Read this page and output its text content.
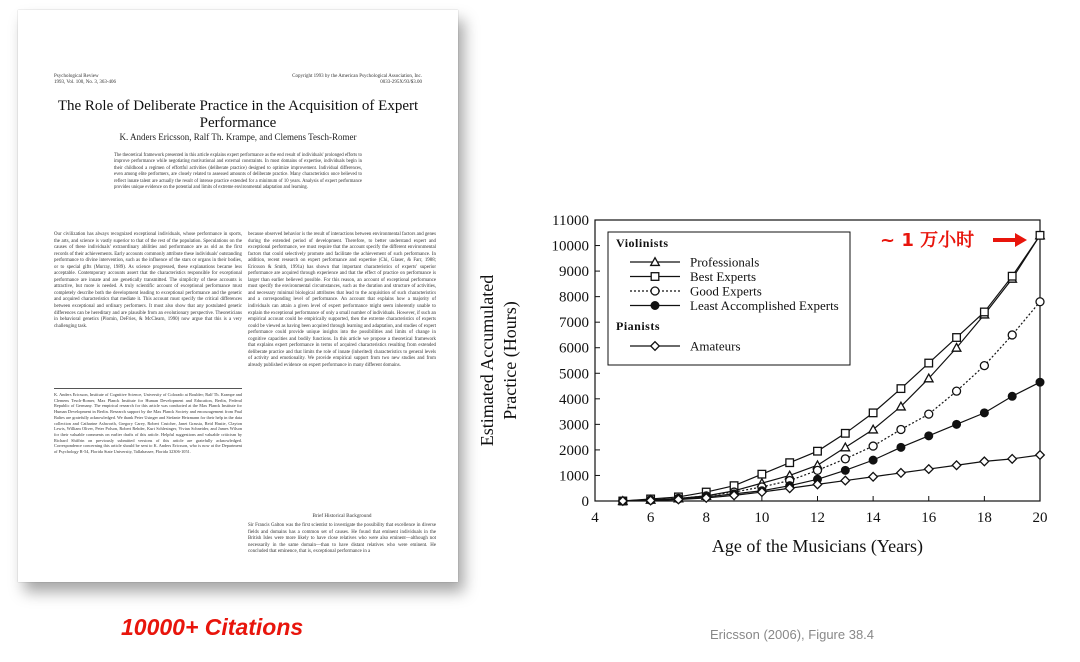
Psychological Review
1993, Vol. 100, No. 3, 363-406
Copyright 1993 by the American Psychological Association, Inc.
0033-295X/93/$3.00
The Role of Deliberate Practice in the Acquisition of Expert Performance
K. Anders Ericsson, Ralf Th. Krampe, and Clemens Tesch-Romer
The theoretical framework presented in this article explains expert performance as the end result of individuals' prolonged efforts to improve performance while negotiating motivational and external constraints. In most domains of expertise, individuals begin in their childhood a regimen of effortful activities (deliberate practice) designed to optimize improvement. Individual differences, even among elite performers, are closely related to assessed amounts of deliberate practice. Many characteristics once believed to reflect innate talent are actually the result of intense practice extended for a minimum of 10 years. Analysis of expert performance provides unique evidence on the potential and limits of extreme environmental adaptation and learning.
Our civilization has always recognized exceptional individuals, whose performance in sports, the arts, and science is vastly superior to that of the rest of the population. Speculations on the causes of these individuals' extraordinary abilities and performance are as old as the first records of their achievements. Early accounts commonly attribute these individuals' outstanding performance to divine intervention, such as the influence of the stars or organs in their bodies, or to special gifts (Murray, 1989). As science progressed, these explanations became less acceptable. Contemporary accounts assert that the characteristics responsible for exceptional performance are innate and are genetically transmitted. The simplicity of these accounts is attractive, but more is needed. A truly scientific account of exceptional performance must completely describe both the development leading to exceptional performance and the genetic and acquired characteristics that mediate it. This account must specify the critical differences between exceptional and ordinary performers. It must also show that any postulated genetic differences can be hereditary and are plausible from an evolutionary perspective. Theoreticians in behavioral genetics (Plomin, DeFries, & McClearn, 1990) now argue that this is a very challenging task.
because observed behavior is the result of interactions between environmental factors and genes during the extended period of development. Therefore, to better understand expert and exceptional performance, we must require that the account specify the different environmental factors that could selectively promote and facilitate the achievement of such performance. In addition, recent research on expert performance and expertise (Chi, Glaser, & Farr, 1988; Ericsson & Smith, 1991a) has shown that important characteristics of experts' superior performance are acquired through experience and that the effect of practice on performance is larger than earlier believed possible. For this reason, an account of exceptional performance must specify the environmental circumstances, such as the duration and structure of activities, and necessary minimal biological attributes that lead to the acquisition of such characteristics and a corresponding level of performance. An account that explains how a majority of individuals can attain a given level of expert performance might seem inherently unable to explain the exceptional performance of only a small number of individuals. However, if such an empirical account could be empirically supported, then the extreme characteristics of experts could be viewed as having been acquired through learning and adaptation, and studies of expert performance could provide unique insights into the possibilities and limits of change in cognitive capacities and bodily functions. In this article we propose a theoretical framework that explains expert performance in terms of acquired characteristics resulting from extended deliberate practice and that limits the role of innate (inherited) characteristics to general levels of activity and emotionality. We provide empirical support from two new studies and from already published evidence on expert performance in many different domains.
K. Anders Ericsson, Institute of Cognitive Science, University of Colorado at Boulder; Ralf Th. Krampe and Clemens Tesch-Romer, Max Planck Institute for Human Development and Education, Berlin, Federal Republic of Germany. The empirical research for this article was conducted at the Max Planck Institute for Human Development in Berlin. Research support by the Max Planck Society and encouragement from Paul Baltes are gratefully acknowledged. We thank Peter Usinger and Stefanie Heizmann for their help in the data collection and Catharine Ashworth, Gregory Carey, Robert Crutcher, Janet Grassia, Reid Hastie, Clayton Lewis, William Oliver, Peter Polson, Robert Rehder, Kurt Schlesinger, Vivian Schneider, and James Wilson for their valuable comments on earlier drafts of this article. Helpful suggestions and valuable criticism by Richard Shiffrin on previously submitted versions of this article are gratefully acknowledged. Correspondence concerning this article should be sent to K. Anders Ericsson, who is now at the Department of Psychology R-54, Florida State University, Tallahassee, Florida 32306-1051.
Brief Historical Background
Sir Francis Galton was the first scientist to investigate the possibility that excellence in diverse fields and domains has a common set of causes. He found that eminent individuals in the British Isles were more likely to have close relatives who were also eminent—although not necessarily in the same domain—than to have distant relatives who were eminent. He concluded that eminence, that is, exceptional performance in a
10000+ Citations	Ericsson (2006), Figure 38.4
Estimated Accumulated Practice (Hours)
Age of the Musicians (Years)
4	6	8	10	12	14	16	18	20
0
1000
2000
3000
4000
5000
6000
7000
8000
9000
10000
11000
Violinists
Pianists
Professionals
Best Experts
Good Experts
Least Accomplished Experts
Amateurs
~ 1 万小时
